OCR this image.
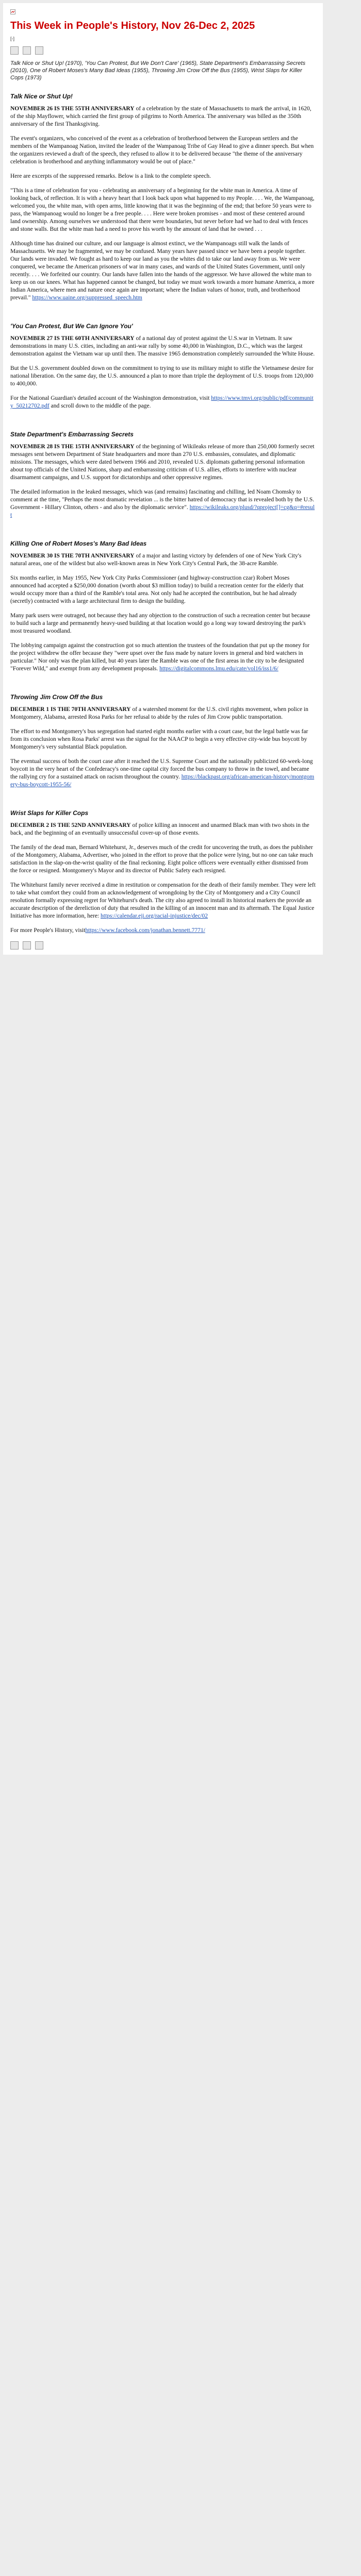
This Week in People's History, Nov 26-Dec 2, 2025
[-]
Talk Nice or Shut Up! (1970), 'You Can Protest, But We Don't Care' (1965), State Department's Embarrassing Secrets (2010), One of Robert Moses's Many Bad Ideas (1955), Throwing Jim Crow Off the Bus (1955), Wrist Slaps for Killer Cops (1973)
Talk Nice or Shut Up!

NOVEMBER 26 IS THE 55TH ANNIVERSARY of a celebration by the state of Massachusetts to mark the arrival, in 1620, of the ship Mayflower, which carried the first group of pilgrims to North America. The anniversary was billed as the 350th anniversary of the first Thanksgiving.

The event's organizers, who conceived of the event as a celebration of brotherhood between the European settlers and the members of the Wampanoag Nation, invited the leader of the Wampanoag Tribe of Gay Head to give a dinner speech. But when the organizers reviewed a draft of the speech, they refused to allow it to be delivered because "the theme of the anniversary celebration is brotherhood and anything inflammatory would be out of place."

Here are excerpts of the suppressed remarks. Below is a link to the complete speech.

"This is a time of celebration for you - celebrating an anniversary of a beginning for the white man in America. A time of looking back, of reflection. It is with a heavy heart that I look back upon what happened to my People. . . . We, the Wampanoag, welcomed you, the white man, with open arms, little knowing that it was the beginning of the end; that before 50 years were to pass, the Wampanoag would no longer be a free people. . . . Here were broken promises - and most of these centered around land ownership. Among ourselves we understood that there were boundaries, but never before had we had to deal with fences and stone walls. But the white man had a need to prove his worth by the amount of land that he owned . . .

Although time has drained our culture, and our language is almost extinct, we the Wampanoags still walk the lands of Massachusetts. We may be fragmented, we may be confused. Many years have passed since we have been a people together. Our lands were invaded. We fought as hard to keep our land as you the whites did to take our land away from us. We were conquered, we became the American prisoners of war in many cases, and wards of the United States Government, until only recently. . . . We forfeited our country. Our lands have fallen into the hands of the aggressor. We have allowed the white man to keep us on our knees. What has happened cannot be changed, but today we must work towards a more humane America, a more Indian America, where men and nature once again are important; where the Indian values of honor, truth, and brotherhood prevail." https://www.uaine.org/suppressed_speech.htm

'You Can Protest, But We Can Ignore You'

NOVEMBER 27 IS THE 60TH ANNIVERSARY of a national day of protest against the U.S.war in Vietnam. It saw demonstrations in many U.S. cities, including an anti-war rally by some 40,000 in Washington, D.C., which was the largest demonstration against the Vietnam war up until then. The massive 1965 demonstration completely surrounded the White House.

But the U.S. government doubled down on the commitment to trying to use its military might to stifle the Vietnamese desire for national liberation. On the same day, the U.S. announced a plan to more than triple the deployment of U.S. troops from 120,000 to 400,000.

For the National Guardian's detailed account of the Washington demonstration, visit https://www.tmvi.org/public/pdf/community_50212702.pdf and scroll down to the middle of the page.

State Department's Embarrassing Secrets

NOVEMBER 28 IS THE 15TH ANNIVERSARY of the beginning of Wikileaks release of more than 250,000 formerly secret messages sent between Department of State headquarters and more than 270 U.S. embassies, consulates, and diplomatic missions. The messages, which were dated between 1966 and 2010, revealed U.S. diplomats gathering personal information about top officials of the United Nations, sharp and embarrassing criticism of U.S. allies, efforts to interfere with nuclear disarmament campaigns, and U.S. support for dictatorships and other oppressive regimes.

The detailed information in the leaked messages, which was (and remains) fascinating and chilling, led Noam Chomsky to comment at the time, "Perhaps the most dramatic revelation ... is the bitter hatred of democracy that is revealed both by the U.S. Government - Hillary Clinton, others - and also by the diplomatic service". https://wikileaks.org/plusd/?qproject[]=cg&q=#result

Killing One of Robert Moses's Many Bad Ideas

NOVEMBER 30 IS THE 70TH ANNIVERSARY of a major and lasting victory by defenders of one of New York City's natural areas, one of the wildest but also well-known areas in New York City's Central Park, the 38-acre Ramble.

Six months earlier, in May 1955, New York City Parks Commissioner (and highway-construction czar) Robert Moses announced had accepted a $250,000 donation (worth about $3 million today) to build a recreation center for the elderly that would occupy more than a third of the Ramble's total area. Not only had he accepted the contribution, but he had already (secretly) contracted with a large architectural firm to design the building.

Many park users were outraged, not because they had any objection to the construction of such a recreation center but because to build such a large and permanently heavy-used building at that location would go a long way toward destroying the park's most treasured woodland.

The lobbying campaign against the construction got so much attention the trustees of the foundation that put up the money for the project withdrew the offer because they "were upset over the fuss made by nature lovers in general and bird watchers in particular." Nor only was the plan killed, but 40 years later the Ramble was one of the first areas in the city to be designated "Forever Wild," and exempt from any development proposals. https://digitalcommons.lmu.edu/cate/vol16/iss1/6/

Throwing Jim Crow Off the Bus

DECEMBER 1 IS THE 70TH ANNIVERSARY of a watershed moment for the U.S. civil rights movement, when police in Montgomery, Alabama, arrested Rosa Parks for her refusal to abide by the rules of Jim Crow public transportation.

The effort to end Montgomery's bus segregation had started eight months earlier with a court case, but the legal battle was far from its conclusion when Rosa Parks' arrest was the signal for the NAACP to begin a very effective city-wide bus boycott by Montgomery's very substantial Black population.

The eventual success of both the court case after it reached the U.S. Supreme Court and the nationally publicized 60-week-long boycott in the very heart of the Confederacy's one-time capital city forced the bus company to throw in the towel, and became the rallying cry for a sustained attack on racism throughout the country. https://blackpast.org/african-american-history/montgomery-bus-boycott-1955-56/

Wrist Slaps for Killer Cops

DECEMBER 2 IS THE 52ND ANNIVERSARY of police killing an innocent and unarmed Black man with two shots in the back, and the beginning of an eventually unsuccessful cover-up of those events.

The family of the dead man, Bernard Whitehurst, Jr., deserves much of the credit for uncovering the truth, as does the publisher of the Montgomery, Alabama, Advertiser, who joined in the effort to prove that the police were lying, but no one can take much satisfaction in the slap-on-the-wrist quality of the final reckoning. Eight police officers were eventually either dismissed from the force or resigned. Montgomery's Mayor and its director of Public Safety each resigned.

The Whitehurst family never received a dime in restitution or compensation for the death of their family member. They were left to take what comfort they could from an acknowledgement of wrongdoing by the City of Montgomery and a City Council resolution formally expressing regret for Whitehurst's death. The city also agreed to install its historical markers the provide an accurate description of the dereliction of duty that resulted in the killing of an innocent man and its aftermath. The Equal Justice Initiative has more information, here: https://calendar.eji.org/racial-injustice/dec/02

For more People's History, visithttps://www.facebook.com/jonathan.bennett.7771/
